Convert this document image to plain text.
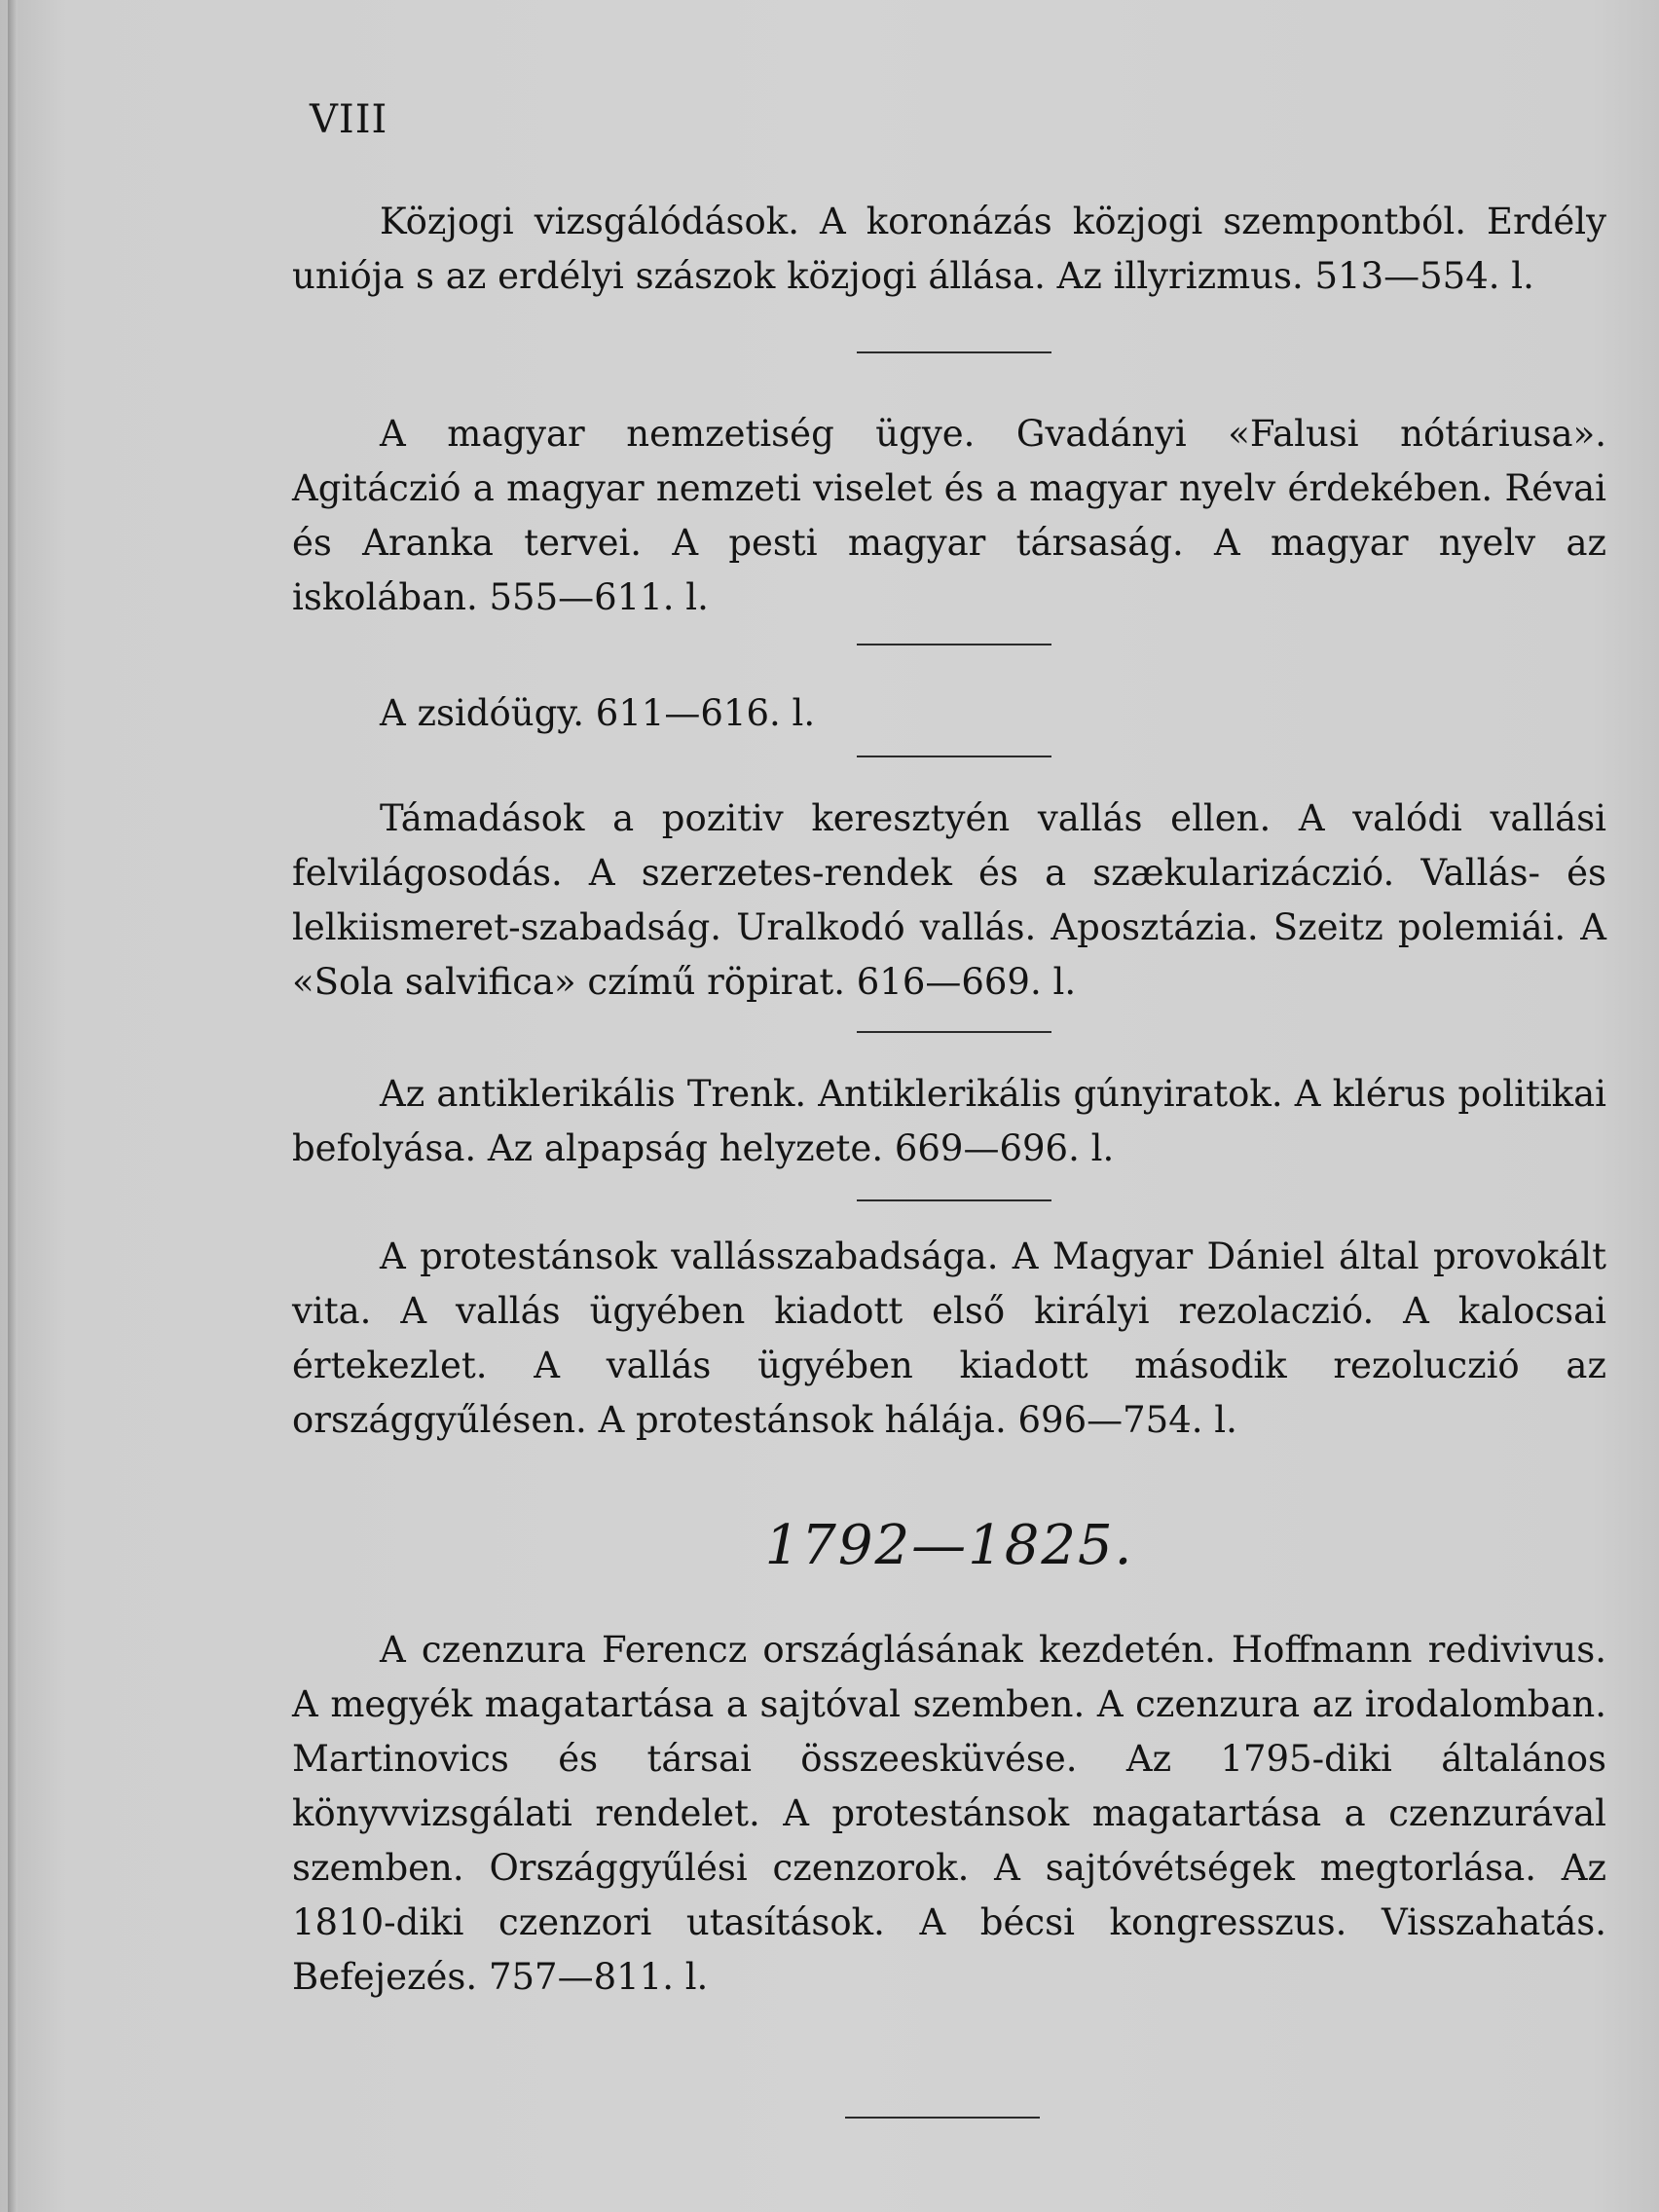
VIII

Közjogi vizsgálódások. A koronázás közjogi szempontból. Erdély uniója s az erdélyi szászok közjogi állása. Az illyrizmus. 513—554. l.

A magyar nemzetiség ügye. Gvadányi «Falusi nótáriusa». Agitáczió a magyar nemzeti viselet és a magyar nyelv érdekében. Révai és Aranka tervei. A pesti magyar társaság. A magyar nyelv az iskolában. 555—611. l.

A zsidóügy. 611—616. l.

Támadások a pozitiv keresztyén vallás ellen. A valódi vallási felvilágosodás. A szerzetes-rendek és a szækularizáczió. Vallás- és lelkiismeret-szabadság. Uralkodó vallás. Aposztázia. Szeitz polemiái. A «Sola salvifica» czímű röpirat. 616—669. l.

Az antiklerikális Trenk. Antiklerikális gúnyiratok. A klérus politikai befolyása. Az alpapság helyzete. 669—696. l.

A protestánsok vallásszabadsága. A Magyar Dániel által provokált vita. A vallás ügyében kiadott első királyi rezolaczió. A kalocsai értekezlet. A vallás ügyében kiadott második rezoluczió az országgyűlésen. A protestánsok hálája. 696—754. l.

1792—1825.

A czenzura Ferencz országlásának kezdetén. Hoffmann redivivus. A megyék magatartása a sajtóval szemben. A czenzura az irodalomban. Martinovics és társai összeesküvése. Az 1795-diki általános könyvvizsgálati rendelet. A protestánsok magatartása a czenzurával szemben. Országgyűlési czenzorok. A sajtóvétségek megtorlása. Az 1810-diki czenzori utasítások. A bécsi kongresszus. Visszahatás. Befejezés. 757—811. l.
